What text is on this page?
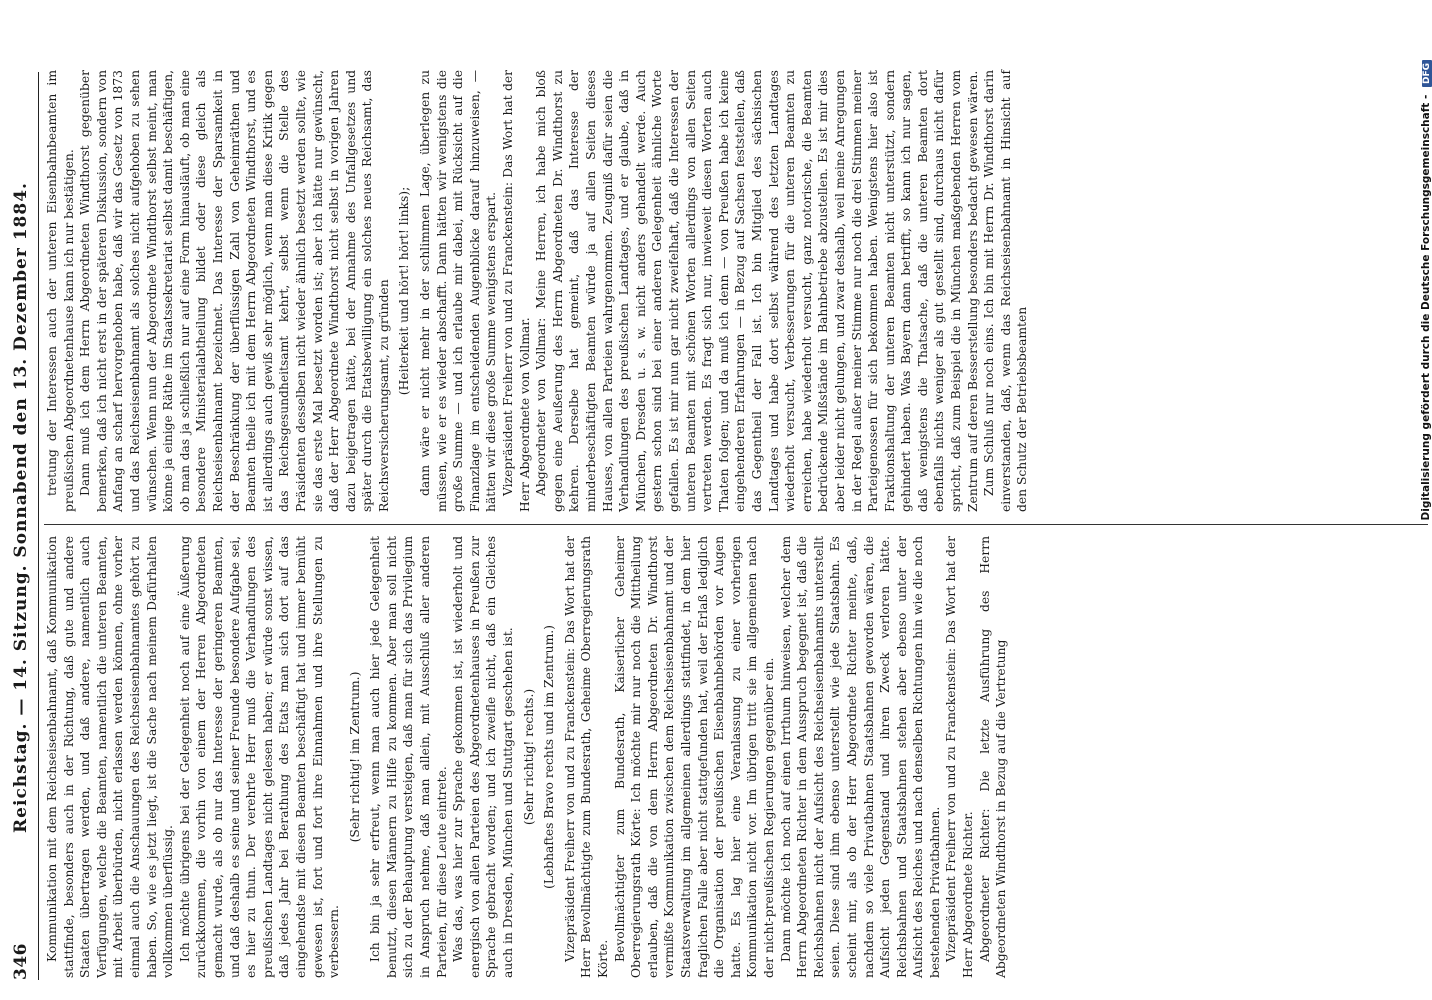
346
Reichstag. — 14. Sitzung. Sonnabend den 13. Dezember 1884. Kommunikation mit dem Reichseisenbahnamt, daß Kommunikation stattfinde, besonders auch in der Richtung, daß gute und andere Staaten übertragen werden, und daß andere, namentlich auch Verfügungen, welche die Beamten, namentlich die unteren Beamten, mit Arbeit überbürden, nicht erlassen werden können, ohne vorher einmal auch die Anschauungen des Reichseisenbahnamtes gehört zu haben. So, wie es jetzt liegt, ist die Sache nach meinem Dafürhalten vollkommen überflüssig. Ich möchte übrigens bei der Gelegenheit noch auf eine Äußerung zurückkommen, die vorhin von einem der Herren Abgeordneten gemacht wurde, als ob nur das Interesse der geringeren Beamten, und daß deshalb es seine und seiner Freunde besondere Aufgabe sei, es hier zu thun. Der verehrte Herr muß die Verhandlungen des preußischen Landtages nicht gelesen haben; er würde sonst wissen, daß jedes Jahr bei Berathung des Etats man sich dort auf das eingehendste mit diesen Beamten beschäftigt hat und immer bemüht gewesen ist, fort und fort ihre Einnahmen und ihre Stellungen zu verbessern.

(Sehr richtig! im Zentrum.) Ich bin ja sehr erfreut, wenn man auch hier jede Gelegenheit benutzt, diesen Männern zu Hilfe zu kommen. Aber man soll nicht sich zu der Behauptung versteigen, daß man für sich das Privilegium in Anspruch nehme, daß man allein, mit Ausschluß aller anderen Parteien, für diese Leute eintrete. Was das, was hier zur Sprache gekommen ist, ist wiederholt und energisch von allen Parteien des Abgeordnetenhauses in Preußen zur Sprache gebracht worden; und ich zweifle nicht, daß ein Gleiches auch in Dresden, München und Stuttgart geschehen ist. (Sehr richtig! rechts.) (Lebhaftes Bravo rechts und im Zentrum.) Vizepräsident Freiherr von und zu Franckenstein: Das Wort hat der Herr Bevollmächtigte zum Bundesrath, Geheime Oberregierungsrath Körte. Bevollmächtigter zum Bundesrath, Kaiserlicher Geheimer Oberregierungsrath Körte: Ich möchte mir nur noch die Mittheilung erlauben, daß die von dem Herrn Abgeordneten Dr. Windthorst vermißte Kommunikation zwischen dem Reichseisenbahnamt und der Staatsverwaltung im allgemeinen allerdings stattfindet, in dem hier fraglichen Falle aber nicht stattgefunden hat, weil der Erlaß lediglich die Organisation der preußischen Eisenbahnbehörden vor Augen hatte. Es lag hier eine Veranlassung zu einer vorherigen Kommunikation nicht vor. Im übrigen tritt sie im allgemeinen nach der nicht-preußischen Regierungen gegenüber ein. Dann möchte ich noch auf einen Irrthum hinweisen, welcher dem Herrn Abgeordneten Richter in dem Ausspruch begegnet ist, daß die Reichsbahnen nicht der Aufsicht des Reichseisenbahnamts unterstellt seien. Diese sind ihm ebenso unterstellt wie jede Staatsbahn. Es scheint mir, als ob der Herr Abgeordnete Richter meinte, daß, nachdem so viele Privatbahnen Staatsbahnen geworden wären, die Aufsicht jeden Gegenstand und ihren Zweck verloren hätte. Reichsbahnen und Staatsbahnen stehen aber ebenso unter der Aufsicht des Reiches und nach denselben Richtungen hin wie die noch bestehenden Privatbahnen. Vizepräsident Freiherr von und zu Franckenstein: Das Wort hat der Herr Abgeordnete Richter. Abgeordneter Richter: Die letzte Ausführung des Herrn Abgeordneten Windthorst in Bezug auf die Vertretung

tretung der Interessen auch der unteren Eisenbahnbeamten im preußischen Abgeordnetenhause kann ich nur bestätigen. Dann muß ich dem Herrn Abgeordneten Windthorst gegenüber bemerken, daß ich nicht erst in der späteren Diskussion, sondern von Anfang an scharf hervorgehoben habe, daß wir das Gesetz von 1873 und das Reichseisenbahnamt als solches nicht aufgehoben zu sehen wünschen. Wenn nun der Abgeordnete Windthorst selbst meint, man könne ja einige Räthe im Staatssekretariat selbst damit beschäftigen, ob man das ja schließlich nur auf eine Form hinausläuft, ob man eine besondere Ministerialabtheilung bildet oder diese gleich als Reichseisenbahnamt bezeichnet. Das Interesse der Sparsamkeit in der Beschränkung der überflüssigen Zahl von Geheimräthen und Beamten theile ich mit dem Herrn Abgeordneten Windthorst, und es ist allerdings auch gewiß sehr möglich, wenn man diese Kritik gegen das Reichsgesundheitsamt kehrt, selbst wenn die Stelle des Präsidenten desselben nicht wieder ähnlich besetzt werden sollte, wie sie das erste Mal besetzt worden ist; aber ich hätte nur gewünscht, daß der Herr Abgeordnete Windthorst nicht selbst in vorigen Jahren dazu beigetragen hätte, bei der Annahme des Unfallgesetzes und später durch die Etatsbewilligung ein solches neues Reichsamt, das Reichsversicherungsamt, zu gründen (Heiterkeit und hört! hört! links); dann wäre er nicht mehr in der schlimmen Lage, überlegen zu müssen, wie er es wieder abschafft. Dann hätten wir wenigstens die große Summe — und ich erlaube mir dabei, mit Rücksicht auf die Finanzlage im entscheidenden Augenblicke darauf hinzuweisen, — hätten wir diese große Summe wenigstens erspart. Vizepräsident Freiherr von und zu Franckenstein: Das Wort hat der Herr Abgeordnete von Vollmar. Abgeordneter von Vollmar: Meine Herren, ich habe mich bloß gegen eine Aeußerung des Herrn Abgeordneten Dr. Windthorst zu kehren. Derselbe hat gemeint, daß das Interesse der minderbeschäftigten Beamten würde ja auf allen Seiten dieses Hauses, von allen Parteien wahrgenommen. Zeugniß dafür seien die Verhandlungen des preußischen Landtages, und er glaube, daß in München, Dresden u. s. w. nicht anders gehandelt werde. Auch gestern schon sind bei einer anderen Gelegenheit ähnliche Worte gefallen. Es ist mir nun gar nicht zweifelhaft, daß die Interessen der unteren Beamten mit schönen Worten allerdings von allen Seiten vertreten werden. Es fragt sich nur, inwieweit diesen Worten auch Thaten folgen; und da muß ich denn — von Preußen habe ich keine eingehenderen Erfahrungen — in Bezug auf Sachsen feststellen, daß das Gegentheil der Fall ist. Ich bin Mitglied des sächsischen Landtages und habe dort selbst während des letzten Landtages wiederholt versucht, Verbesserungen für die unteren Beamten zu erreichen, habe wiederholt versucht, ganz notorische, die Beamten bedrückende Mißstände im Bahnbetriebe abzustellen. Es ist mir dies aber leider nicht gelungen, und zwar deshalb, weil meine Anregungen in der Regel außer meiner Stimme nur noch die drei Stimmen meiner Parteigenossen für sich bekommen haben. Wenigstens hier also ist Fraktionshaltung der unteren Beamten nicht unterstützt, sondern gehindert haben. Was Bayern dann betrifft, so kann ich nur sagen, daß wenigstens die Thatsache, daß die unteren Beamten dort ebenfalls nichts weniger als gut gestellt sind, durchaus nicht dafür spricht, daß zum Beispiel die in München maßgebenden Herren vom Zentrum auf deren Besserstellung besonders bedacht gewesen wären. Zum Schluß nur noch eins. Ich bin mit Herrn Dr. Windthorst darin einverstanden, daß, wenn das Reichseisenbahnamt in Hinsicht auf den Schutz der Betriebsbeamten	Digitalisierung gefördert durch die Deutsche Forschungsgemeinschaft - DFG
